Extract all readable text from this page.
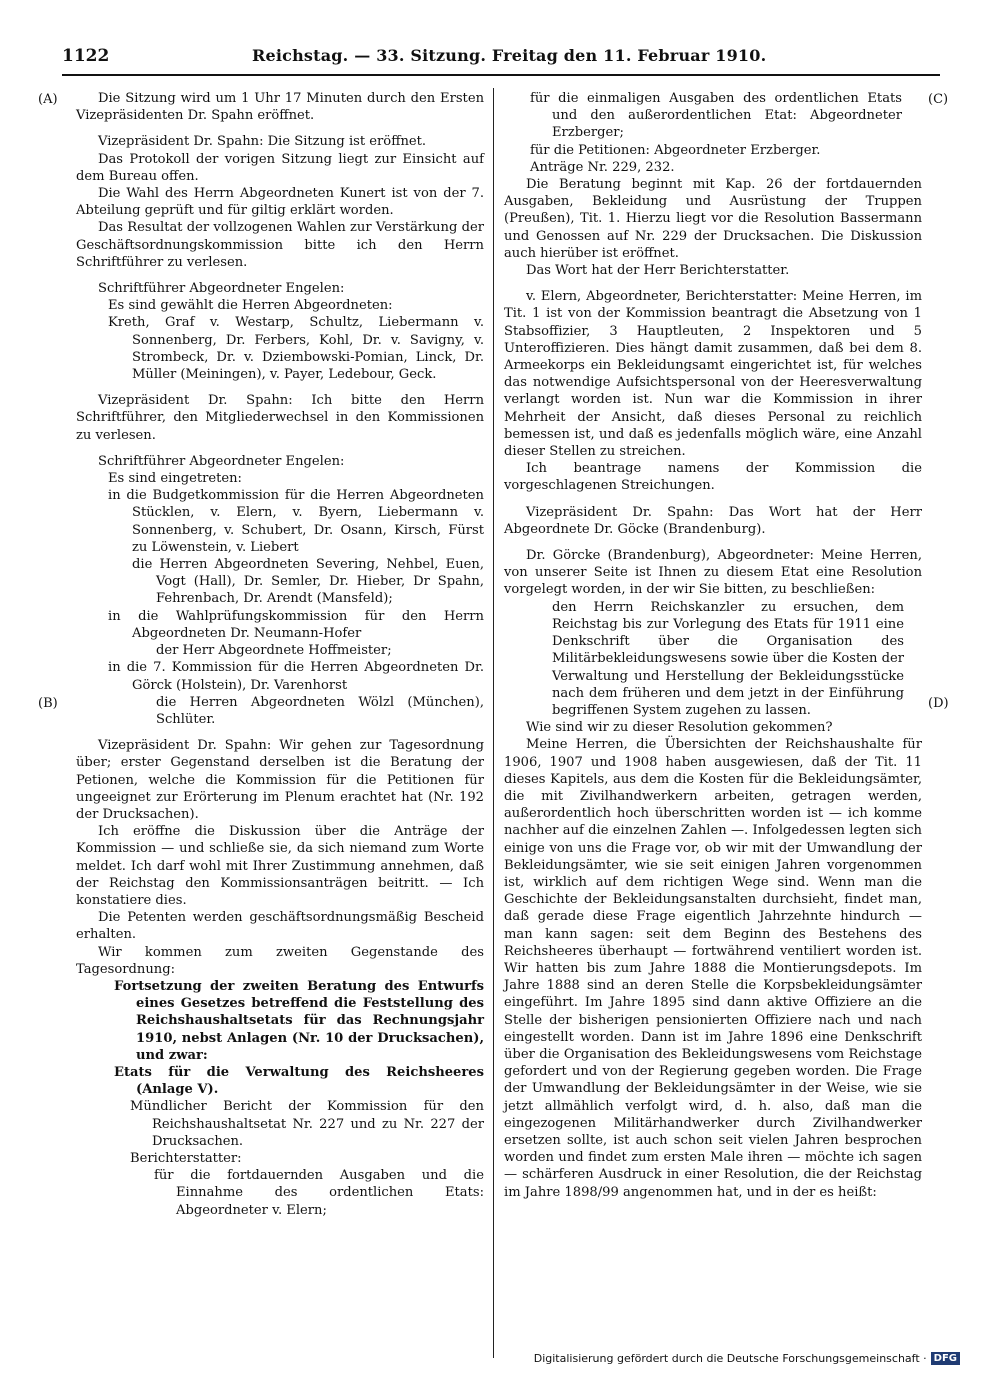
1122	Reichstag. — 33. Sitzung. Freitag den 11. Februar 1910.
(A)
(B)
(C)
(D)

Die Sitzung wird um 1 Uhr 17 Minuten durch den Ersten Vizepräsidenten Dr. Spahn eröffnet.

Vizepräsident Dr. Spahn: Die Sitzung ist eröffnet.

Das Protokoll der vorigen Sitzung liegt zur Einsicht auf dem Bureau offen.

Die Wahl des Herrn Abgeordneten Kunert ist von der 7. Abteilung geprüft und für giltig erklärt worden.

Das Resultat der vollzogenen Wahlen zur Verstärkung der Geschäftsordnungskommission bitte ich den Herrn Schriftführer zu verlesen.

Schriftführer Abgeordneter Engelen:

Es sind gewählt die Herren Abgeordneten:

Kreth, Graf v. Westarp, Schultz, Liebermann v. Sonnenberg, Dr. Ferbers, Kohl, Dr. v. Savigny, v. Strombeck, Dr. v. Dziembowski-Pomian, Linck, Dr. Müller (Meiningen), v. Payer, Ledebour, Geck.

Vizepräsident Dr. Spahn: Ich bitte den Herrn Schriftführer, den Mitgliederwechsel in den Kommissionen zu verlesen.

Schriftführer Abgeordneter Engelen:

Es sind eingetreten:

in die Budgetkommission für die Herren Abgeordneten Stücklen, v. Elern, v. Byern, Liebermann v. Sonnenberg, v. Schubert, Dr. Osann, Kirsch, Fürst zu Löwenstein, v. Liebert

die Herren Abgeordneten Severing, Nehbel, Euen, Vogt (Hall), Dr. Semler, Dr. Hieber, Dr Spahn, Fehrenbach, Dr. Arendt (Mansfeld);

in die Wahlprüfungskommission für den Herrn Abgeordneten Dr. Neumann-Hofer

der Herr Abgeordnete Hoffmeister;

in die 7. Kommission für die Herren Abgeordneten Dr. Görck (Holstein), Dr. Varenhorst

die Herren Abgeordneten Wölzl (München), Schlüter.

Vizepräsident Dr. Spahn: Wir gehen zur Tagesordnung über; erster Gegenstand derselben ist die Beratung der Petionen, welche die Kommission für die Petitionen für ungeeignet zur Erörterung im Plenum erachtet hat (Nr. 192 der Drucksachen).

Ich eröffne die Diskussion über die Anträge der Kommission — und schließe sie, da sich niemand zum Worte meldet. Ich darf wohl mit Ihrer Zustimmung annehmen, daß der Reichstag den Kommissionsanträgen beitritt. — Ich konstatiere dies.

Die Petenten werden geschäftsordnungsmäßig Bescheid erhalten.

Wir kommen zum zweiten Gegenstande des Tagesordnung:

Fortsetzung der zweiten Beratung des Entwurfs eines Gesetzes betreffend die Feststellung des Reichshaushaltsetats für das Rechnungsjahr 1910, nebst Anlagen (Nr. 10 der Drucksachen), und zwar:

Etats für die Verwaltung des Reichsheeres (Anlage V).

Mündlicher Bericht der Kommission für den Reichshaushaltsetat Nr. 227 und zu Nr. 227 der Drucksachen.

Berichterstatter:

für die fortdauernden Ausgaben und die Einnahme des ordentlichen Etats: Abgeordneter v. Elern;

für die einmaligen Ausgaben des ordentlichen Etats und den außerordentlichen Etat: Abgeordneter Erzberger;

für die Petitionen: Abgeordneter Erzberger.

Anträge Nr. 229, 232.

Die Beratung beginnt mit Kap. 26 der fortdauernden Ausgaben, Bekleidung und Ausrüstung der Truppen (Preußen), Tit. 1. Hierzu liegt vor die Resolution Bassermann und Genossen auf Nr. 229 der Drucksachen. Die Diskussion auch hierüber ist eröffnet.

Das Wort hat der Herr Berichterstatter.

v. Elern, Abgeordneter, Berichterstatter: Meine Herren, im Tit. 1 ist von der Kommission beantragt die Absetzung von 1 Stabsoffizier, 3 Hauptleuten, 2 Inspektoren und 5 Unteroffizieren. Dies hängt damit zusammen, daß bei dem 8. Armeekorps ein Bekleidungsamt eingerichtet ist, für welches das notwendige Aufsichtspersonal von der Heeresverwaltung verlangt worden ist. Nun war die Kommission in ihrer Mehrheit der Ansicht, daß dieses Personal zu reichlich bemessen ist, und daß es jedenfalls möglich wäre, eine Anzahl dieser Stellen zu streichen.

Ich beantrage namens der Kommission die vorgeschlagenen Streichungen.

Vizepräsident Dr. Spahn: Das Wort hat der Herr Abgeordnete Dr. Göcke (Brandenburg).

Dr. Görcke (Brandenburg), Abgeordneter: Meine Herren, von unserer Seite ist Ihnen zu diesem Etat eine Resolution vorgelegt worden, in der wir Sie bitten, zu beschließen:

den Herrn Reichskanzler zu ersuchen, dem Reichstag bis zur Vorlegung des Etats für 1911 eine Denkschrift über die Organisation des Militärbekleidungswesens sowie über die Kosten der Verwaltung und Herstellung der Bekleidungsstücke nach dem früheren und dem jetzt in der Einführung begriffenen System zugehen zu lassen.

Wie sind wir zu dieser Resolution gekommen?

Meine Herren, die Übersichten der Reichshaushalte für 1906, 1907 und 1908 haben ausgewiesen, daß der Tit. 11 dieses Kapitels, aus dem die Kosten für die Bekleidungsämter, die mit Zivilhandwerkern arbeiten, getragen werden, außerordentlich hoch überschritten worden ist — ich komme nachher auf die einzelnen Zahlen —. Infolgedessen legten sich einige von uns die Frage vor, ob wir mit der Umwandlung der Bekleidungsämter, wie sie seit einigen Jahren vorgenommen ist, wirklich auf dem richtigen Wege sind. Wenn man die Geschichte der Bekleidungsanstalten durchsieht, findet man, daß gerade diese Frage eigentlich Jahrzehnte hindurch — man kann sagen: seit dem Beginn des Bestehens des Reichsheeres überhaupt — fortwährend ventiliert worden ist. Wir hatten bis zum Jahre 1888 die Montierungsdepots. Im Jahre 1888 sind an deren Stelle die Korpsbekleidungsämter eingeführt. Im Jahre 1895 sind dann aktive Offiziere an die Stelle der bisherigen pensionierten Offiziere nach und nach eingestellt worden. Dann ist im Jahre 1896 eine Denkschrift über die Organisation des Bekleidungswesens vom Reichstage gefordert und von der Regierung gegeben worden. Die Frage der Umwandlung der Bekleidungsämter in der Weise, wie sie jetzt allmählich verfolgt wird, d. h. also, daß man die eingezogenen Militärhandwerker durch Zivilhandwerker ersetzen sollte, ist auch schon seit vielen Jahren besprochen worden und findet zum ersten Male ihren — möchte ich sagen — schärferen Ausdruck in einer Resolution, die der Reichstag im Jahre 1898/99 angenommen hat, und in der es heißt:

Digitalisierung gefördert durch die Deutsche Forschungsgemeinschaft · DFG
